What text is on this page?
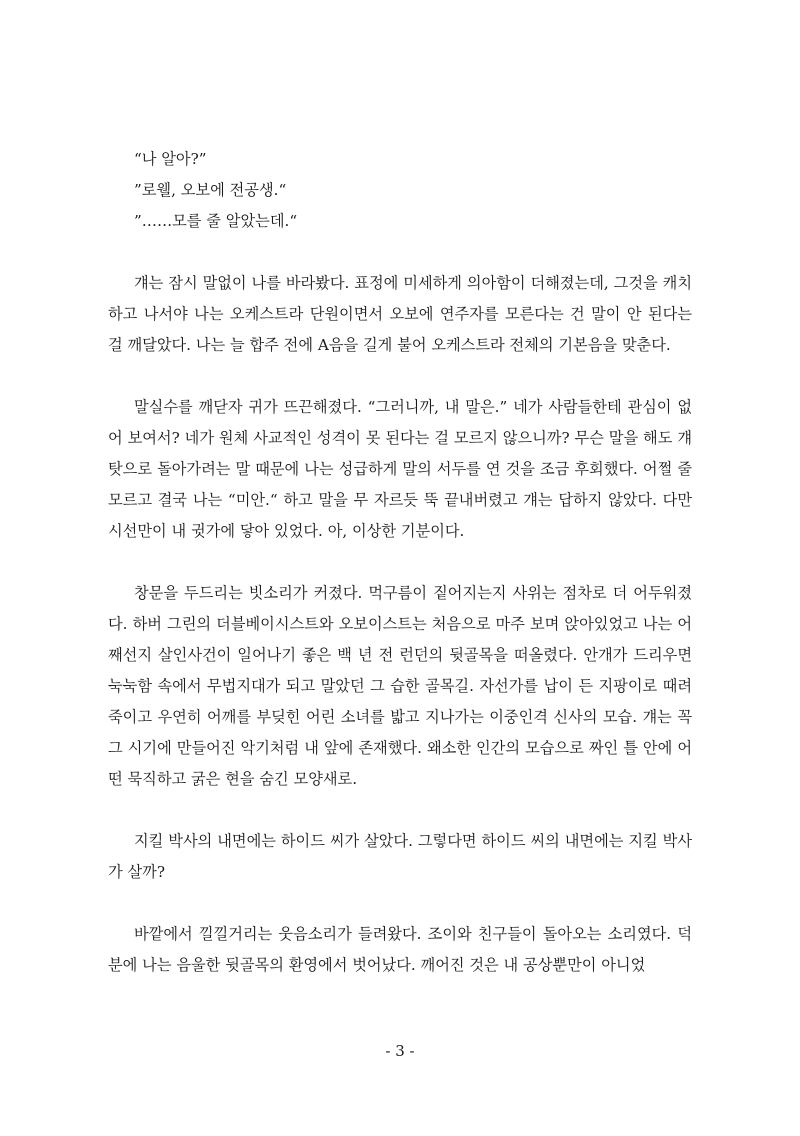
“나 알아?”

”로웰, 오보에 전공생.“

”……모를 줄 알았는데.“

걔는 잠시 말없이 나를 바라봤다. 표정에 미세하게 의아함이 더해졌는데, 그것을 캐치하고 나서야 나는 오케스트라 단원이면서 오보에 연주자를 모른다는 건 말이 안 된다는 걸 깨달았다. 나는 늘 합주 전에 A음을 길게 불어 오케스트라 전체의 기본음을 맞춘다.

말실수를 깨닫자 귀가 뜨끈해졌다. “그러니까, 내 말은.” 네가 사람들한테 관심이 없어 보여서? 네가 원체 사교적인 성격이 못 된다는 걸 모르지 않으니까? 무슨 말을 해도 걔 탓으로 돌아가려는 말 때문에 나는 성급하게 말의 서두를 연 것을 조금 후회했다. 어쩔 줄 모르고 결국 나는 “미안.“ 하고 말을 무 자르듯 뚝 끝내버렸고 걔는 답하지 않았다. 다만 시선만이 내 귓가에 닿아 있었다. 아, 이상한 기분이다.

창문을 두드리는 빗소리가 커졌다. 먹구름이 짙어지는지 사위는 점차로 더 어두워졌다. 하버 그린의 더블베이시스트와 오보이스트는 처음으로 마주 보며 앉아있었고 나는 어째선지 살인사건이 일어나기 좋은 백 년 전 런던의 뒷골목을 떠올렸다. 안개가 드리우면 눅눅함 속에서 무법지대가 되고 말았던 그 습한 골목길. 자선가를 납이 든 지팡이로 때려죽이고 우연히 어깨를 부딪힌 어린 소녀를 밟고 지나가는 이중인격 신사의 모습. 걔는 꼭 그 시기에 만들어진 악기처럼 내 앞에 존재했다. 왜소한 인간의 모습으로 짜인 틀 안에 어떤 묵직하고 굵은 현을 숨긴 모양새로.

지킬 박사의 내면에는 하이드 씨가 살았다. 그렇다면 하이드 씨의 내면에는 지킬 박사가 살까?

바깥에서 낄낄거리는 웃음소리가 들려왔다. 조이와 친구들이 돌아오는 소리였다. 덕분에 나는 음울한 뒷골목의 환영에서 벗어났다. 깨어진 것은 내 공상뿐만이 아니었

- 3 -
